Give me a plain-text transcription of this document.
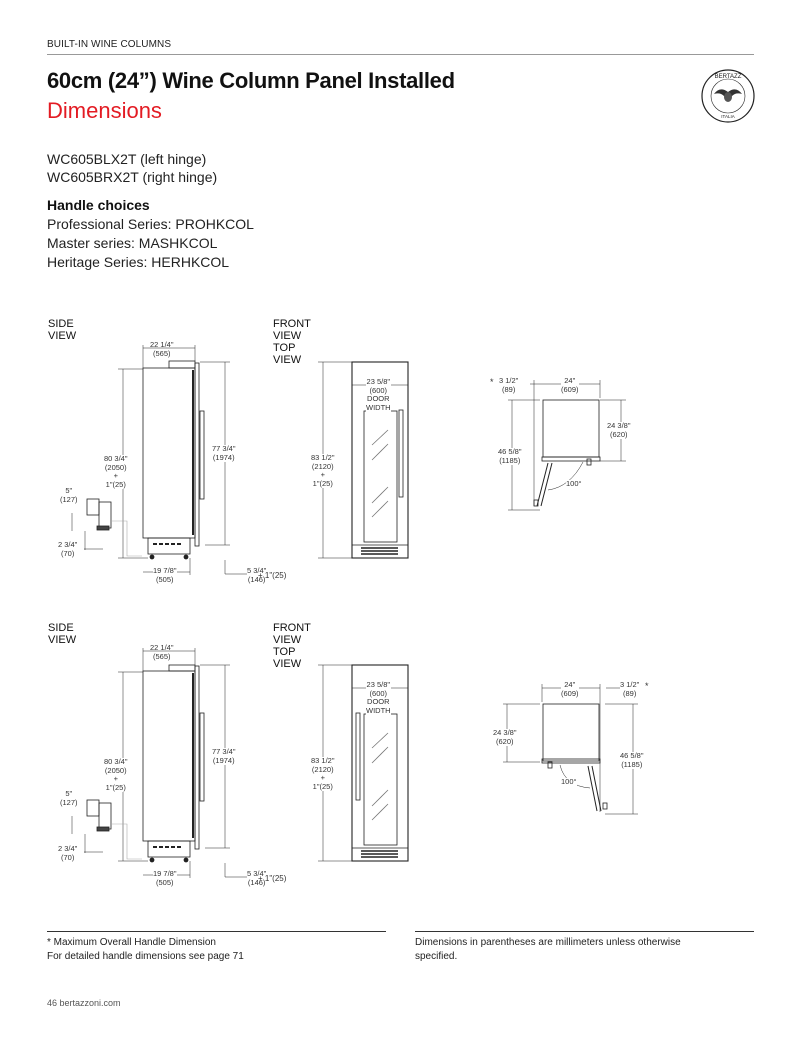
BUILT-IN WINE COLUMNS
60cm (24”) Wine Column Panel Installed
Dimensions
BERTAZZ
ITALIA
WC605BLX2T (left hinge)
WC605BRX2T (right hinge)
Handle choices
Professional Series: PROHKCOL
Master series: MASHKCOL
Heritage Series: HERHKCOL
SIDE VIEW
FRONT VIEW TOP VIEW
22 1/4"
(565)
80 3/4"
(2050)
+
1"(25)
77 3/4"
(1974)
5"
(127)
2 3/4"
(70)
19 7/8"
(505)
5 3/4"
(146)
+ 1"(25)
23 5/8"
(600)
DOOR
WIDTH
83 1/2"
(2120)
+
1"(25)
* 3 1/2"
(89)
24"
(609)
24 3/8"
(620)
46 5/8"
(1185)
100°
SIDE VIEW
FRONT VIEW TOP VIEW
22 1/4"
(565)
80 3/4"
(2050)
+
1"(25)
77 3/4"
(1974)
5"
(127)
2 3/4"
(70)
19 7/8"
(505)
5 3/4"
(146)
+ 1"(25)
23 5/8"
(600)
DOOR
WIDTH
83 1/2"
(2120)
+
1"(25)
24"
(609)
3 1/2"
(89)
*
24 3/8"
(620)
46 5/8"
(1185)
100°
* Maximum Overall Handle Dimension
For detailed handle dimensions see page 71
Dimensions in parentheses are millimeters unless otherwise
specified.
46 bertazzoni.com
